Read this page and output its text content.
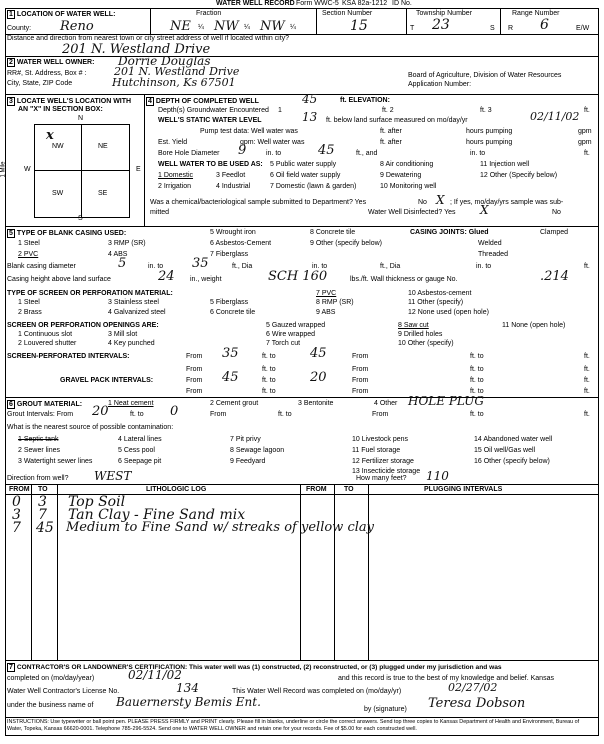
WATER WELL RECORD Form WWC-5 KSA 82a-1212 ID No.
1 LOCATION OF WATER WELL:	Fraction	Section Number	Township Number	Range Number
County: Reno	NE ¼ NW ¼ NW ¼	15	T 23	S R 6	E/W
Distance and direction from nearest town or city street address of well if located within city?
201 N. Westland Drive
2 WATER WELL OWNER: Dorrie Douglas
RR#, St. Address, Box # :	201 N. Westland Drive
City, State, ZIP Code	Hutchinson, Ks 67501
Board of Agriculture, Division of Water Resources
Application Number:
3 LOCATE WELL'S LOCATION WITH
AN "X" IN SECTION BOX:
N
S
W	E
1 Mile
NW	NE
SW	SE
x
4 DEPTH OF COMPLETED WELL	45	ft. ELEVATION:
Depth(s) Groundwater Encountered 1	ft. 2	ft. 3	ft.
WELL'S STATIC WATER LEVEL	13 ft. below land surface measured on mo/day/yr	02/11/02
Pump test data: Well water was	ft. after	hours pumping	gpm
Est. Yield	gpm: Well water was	ft. after	hours pumping	gpm
Bore Hole Diameter 9	in. to	45	ft., and	in. to	ft.
WELL WATER TO BE USED AS: 5 Public water supply	8 Air conditioning	11 Injection well
1 Domestic	3 Feedlot	6 Oil field water supply	9 Dewatering	12 Other (Specify below)
2 Irrigation	4 Industrial	7 Domestic (lawn & garden)	10 Monitoring well
Was a chemical/bacteriological sample submitted to Department? Yes	No X ; If yes, mo/day/yrs sample was sub-
mitted	Water Well Disinfected? Yes X	No
5 TYPE OF BLANK CASING USED:	5 Wrought iron	8 Concrete tile	CASING JOINTS: Glued	Clamped
1 Steel	3 RMP (SR)	6 Asbestos-Cement	9 Other (specify below)	Welded
2 PVC	4 ABS	7 Fiberglass	Threaded
Blank casing diameter	5	in. to 35	ft., Dia	in. to	ft., Dia	in. to	ft.
Casing height above land surface	24 in., weight	SCH 160	lbs./ft. Wall thickness or gauge No.	.214
TYPE OF SCREEN OR PERFORATION MATERIAL:	7 PVC	10 Asbestos-cement
1 Steel	3 Stainless steel	5 Fiberglass	8 RMP (SR)	11 Other (specify)
2 Brass	4 Galvanized steel	6 Concrete tile	9 ABS	12 None used (open hole)
SCREEN OR PERFORATION OPENINGS ARE:	5 Gauzed wrapped	8 Saw cut	11 None (open hole)
1 Continuous slot	3 Mill slot	6 Wire wrapped	9 Drilled holes
2 Louvered shutter	4 Key punched	7 Torch cut	10 Other (specify)
SCREEN-PERFORATED INTERVALS:	From 35	ft. to	45	From	ft. to	ft.
From	ft. to	From	ft. to	ft.
GRAVEL PACK INTERVALS:	From 45	ft. to	20	From	ft. to	ft.
From	ft. to	From	ft. to	ft.
6 GROUT MATERIAL:	1 Neat cement	2 Cement grout	3 Bentonite	4 Other HOLE PLUG
Grout Intervals: From 20	ft. to 0	From	ft. to	From	ft. to	ft.
What is the nearest source of possible contamination:
1 Septic tank	4 Lateral lines	7 Pit privy	10 Livestock pens	14 Abandoned water well
2 Sewer lines	5 Cess pool	8 Sewage lagoon	11 Fuel storage	15 Oil well/Gas well
3 Watertight sewer lines	6 Seepage pit	9 Feedyard	12 Fertilizer storage	16 Other (specify below)
13 Insecticide storage
Direction from well? WEST	How many feet? 110
FROM TO	LITHOLOGIC LOG	FROM TO	PLUGGING INTERVALS
0 3 Top Soil
3 7 Tan Clay - Fine Sand mix
7 45 Medium to Fine Sand w/ streaks of yellow clay
7 CONTRACTOR'S OR LANDOWNER'S CERTIFICATION: This water well was (1) constructed, (2) reconstructed, or (3) plugged under my jurisdiction and was
completed on (mo/day/year)	02/11/02	and this record is true to the best of my knowledge and belief. Kansas
Water Well Contractor's License No.	134	This Water Well Record was completed on (mo/day/yr)	02/27/02
under the business name of Bauernersty Bemis Ent.
by (signature) Teresa Dobson
INSTRUCTIONS: Use typewriter or ball point pen. PLEASE PRESS FIRMLY and PRINT clearly. Please fill in blanks, underline or circle the correct answers. Send top three copies to Kansas Department of Health and Environment, Bureau of Water, Topeka, Kansas 66620-0001. Telephone 785-296-5524. Send one to WATER WELL OWNER and retain one for your records. Fee of $5.00 for each constructed well.
